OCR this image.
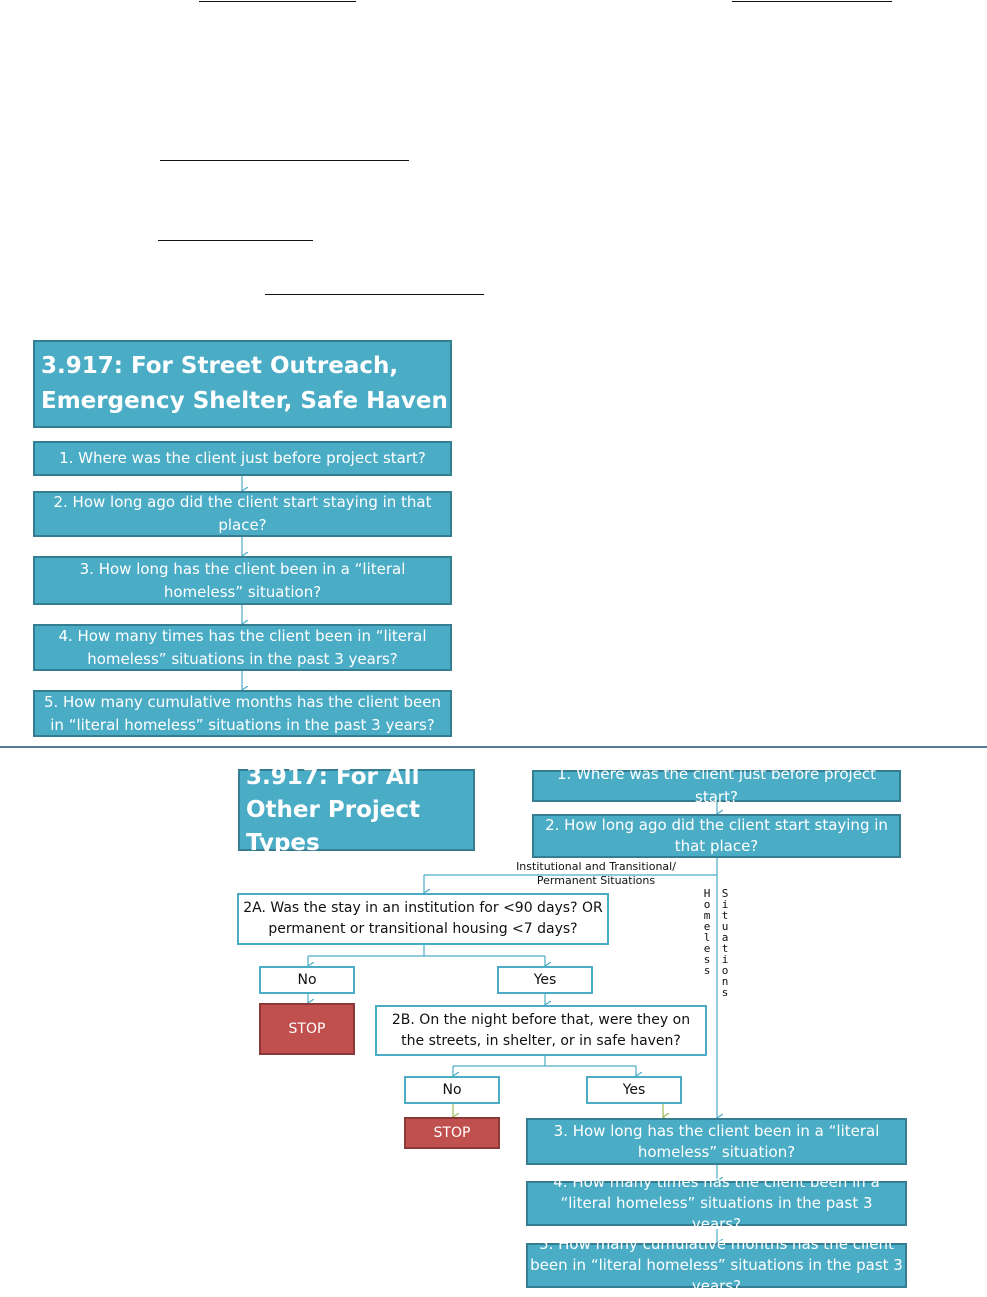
3.917: For Street Outreach, Emergency Shelter, Safe Haven
1. Where was the client just before project start?
2. How long ago did the client start staying in that place?
3. How long has the client been in a “literal homeless” situation?
4. How many times has the client been in “literal homeless” situations in the past 3 years?
5. How many cumulative months has the client been in “literal homeless” situations in the past 3 years?
3.917: For All Other Project Types
1. Where was the client just before project start?
2. How long ago did the client start staying in that place?
Institutional and Transitional/ Permanent Situations
H
o
m
e
l
e
s
s
S
i
t
u
a
t
i
o
n
s
2A. Was the stay in an institution for <90 days? OR permanent or transitional housing <7 days?
No	Yes
STOP
2B. On the night before that, were they on the streets, in shelter, or in safe haven?
No	Yes
STOP	3. How long has the client been in a “literal homeless” situation?
4. How many times has the client been in a “literal homeless” situations in the past 3 years?
5. How many cumulative months has the client been in “literal homeless” situations in the past 3 years?
